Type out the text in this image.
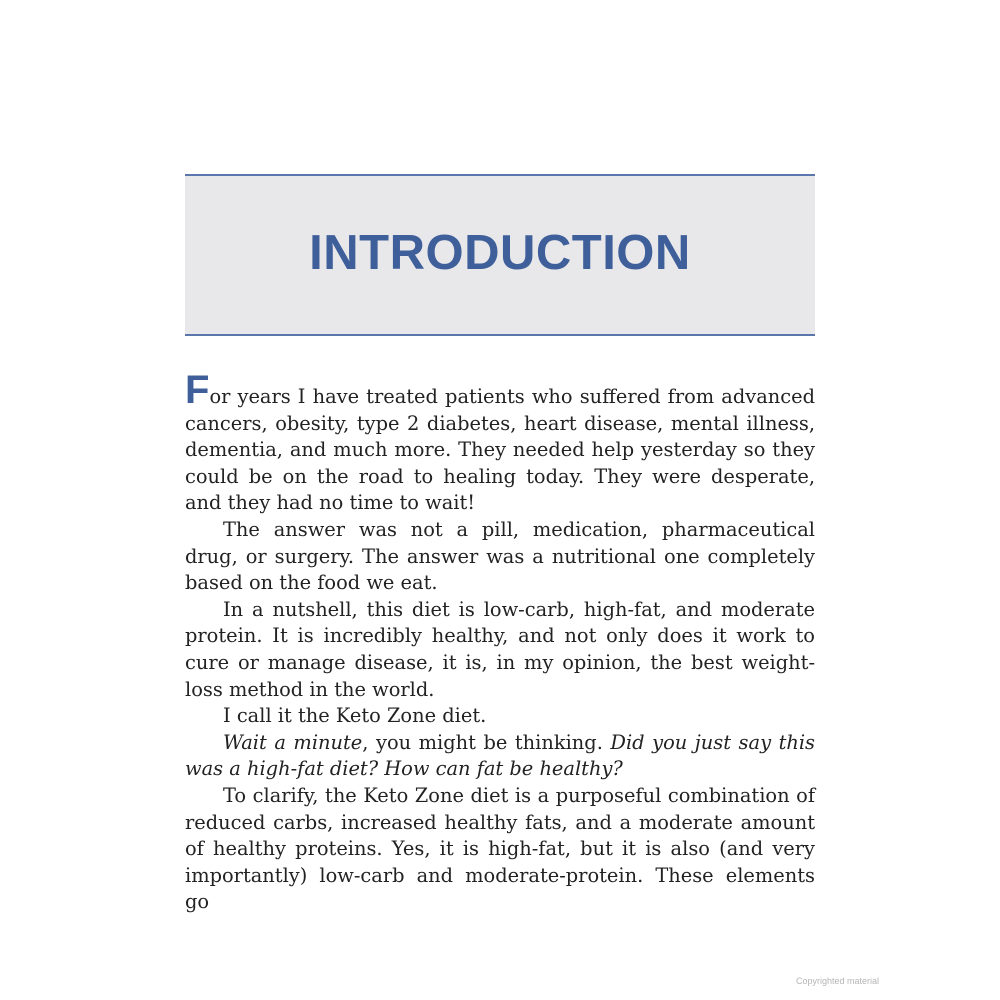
INTRODUCTION

For years I have treated patients who suffered from advanced cancers, obesity, type 2 diabetes, heart disease, mental illness, dementia, and much more. They needed help yesterday so they could be on the road to healing today. They were desperate, and they had no time to wait!

The answer was not a pill, medication, pharmaceutical drug, or surgery. The answer was a nutritional one completely based on the food we eat.

In a nutshell, this diet is low-carb, high-fat, and moderate protein. It is incredibly healthy, and not only does it work to cure or manage disease, it is, in my opinion, the best weight-loss method in the world.

I call it the Keto Zone diet.

Wait a minute, you might be thinking. Did you just say this was a high-fat diet? How can fat be healthy?

To clarify, the Keto Zone diet is a purposeful combination of reduced carbs, increased healthy fats, and a moderate amount of healthy proteins. Yes, it is high-fat, but it is also (and very importantly) low-carb and moderate-protein. These elements go

Copyrighted material
